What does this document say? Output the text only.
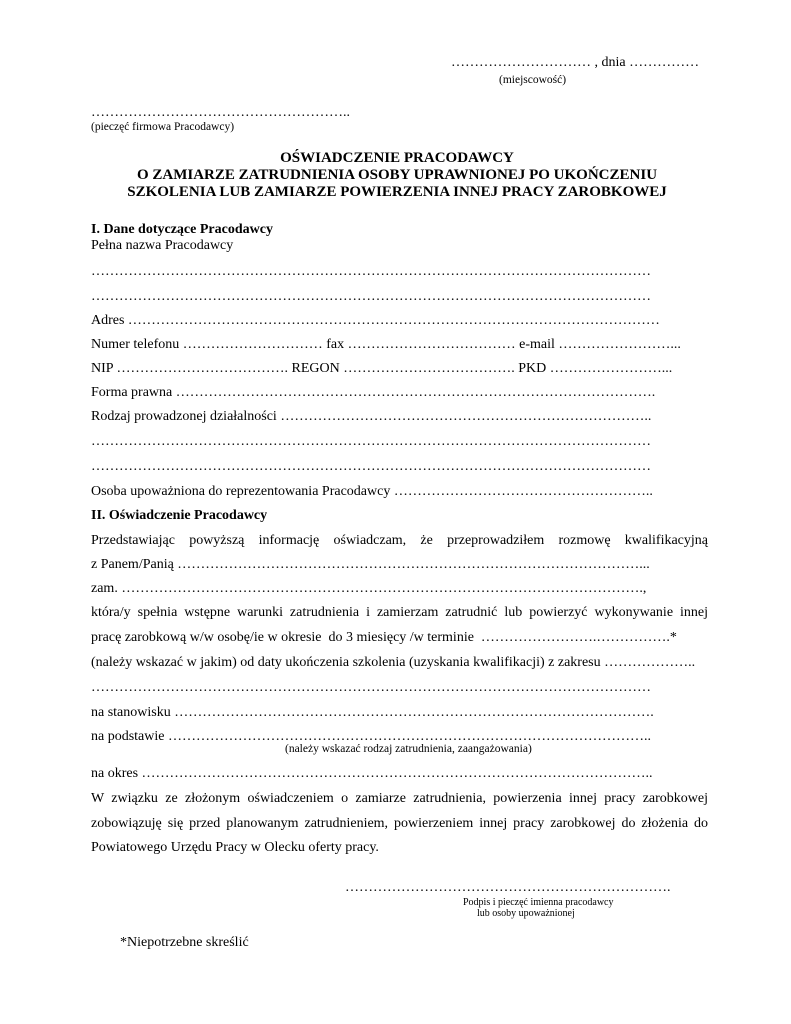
………………………… , dnia ……………
(miejscowość)
………………………………………………..
(pieczęć firmowa Pracodawcy)
OŚWIADCZENIE PRACODAWCY
O ZAMIARZE ZATRUDNIENIA OSOBY UPRAWNIONEJ PO UKOŃCZENIU
SZKOLENIA LUB ZAMIARZE POWIERZENIA INNEJ PRACY ZAROBKOWEJ
I. Dane dotyczące Pracodawcy
Pełna nazwa Pracodawcy
…………………………………………………………………………………………………………
…………………………………………………………………………………………………………
Adres ……………………………………………………………………………………………………
Numer telefonu ………………………… fax ……………………………… e-mail ……………………...
NIP ………………………………. REGON ………………………………. PKD ……………………...
Forma prawna ………………………………………………………………………………………….
Rodzaj prowadzonej działalności ……………………………………………………………………..
…………………………………………………………………………………………………………
…………………………………………………………………………………………………………
Osoba upoważniona do reprezentowania Pracodawcy ………………………………………………..
II. Oświadczenie Pracodawcy
Przedstawiając powyższą informację oświadczam, że przeprowadziłem rozmowę kwalifikacyjną
z Panem/Panią ………………………………………………………………………………………...
zam. ………………………………………………………………………………………………….,
która/y spełnia wstępne warunki zatrudnienia i zamierzam zatrudnić lub powierzyć wykonywanie innej
pracę zarobkową w/w osobę/ie w okresie  do 3 miesięcy /w terminie  …………………….…………….*
(należy wskazać w jakim) od daty ukończenia szkolenia (uzyskania kwalifikacji) z zakresu ………………..
…………………………………………………………………………………………………………
na stanowisku ………………………………………………………………………………………….
na podstawie …………………………………………………………………………………………..
(należy wskazać rodzaj zatrudnienia, zaangażowania)
na okres ………………………………………………………………………………………………..
W związku ze złożonym oświadczeniem o zamiarze zatrudnienia, powierzenia innej pracy zarobkowej
zobowiązuję się przed planowanym zatrudnieniem, powierzeniem innej pracy zarobkowej do złożenia do
Powiatowego Urzędu Pracy w Olecku oferty pracy.
…………………………………………………………….
Podpis i pieczęć imienna pracodawcy
lub osoby upoważnionej
*Niepotrzebne skreślić
